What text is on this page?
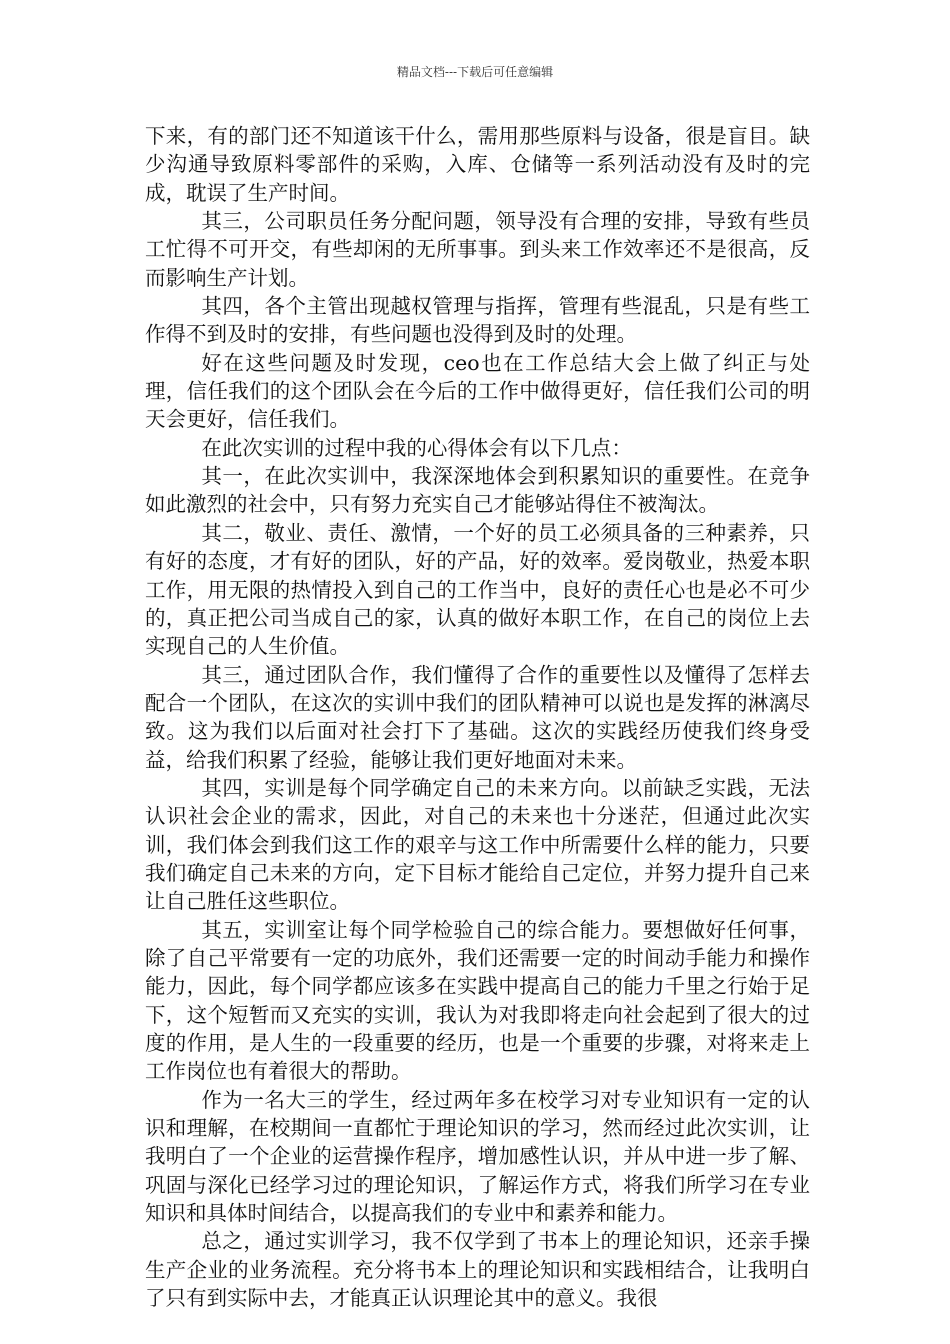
精品文档---下载后可任意编辑

下来，有的部门还不知道该干什么，需用那些原料与设备，很是盲目。缺少沟通导致原料零部件的采购，入库、仓储等一系列活动没有及时的完成，耽误了生产时间。

其三，公司职员任务分配问题，领导没有合理的安排，导致有些员工忙得不可开交，有些却闲的无所事事。到头来工作效率还不是很高，反而影响生产计划。

其四，各个主管出现越权管理与指挥，管理有些混乱，只是有些工作得不到及时的安排，有些问题也没得到及时的处理。

好在这些问题及时发现，ceo也在工作总结大会上做了纠正与处理，信任我们的这个团队会在今后的工作中做得更好，信任我们公司的明天会更好，信任我们。

在此次实训的过程中我的心得体会有以下几点：

其一，在此次实训中，我深深地体会到积累知识的重要性。在竞争如此激烈的社会中，只有努力充实自己才能够站得住不被淘汰。

其二，敬业、责任、激情，一个好的员工必须具备的三种素养，只有好的态度，才有好的团队，好的产品，好的效率。爱岗敬业，热爱本职工作，用无限的热情投入到自己的工作当中，良好的责任心也是必不可少的，真正把公司当成自己的家，认真的做好本职工作，在自己的岗位上去实现自己的人生价值。

其三，通过团队合作，我们懂得了合作的重要性以及懂得了怎样去配合一个团队，在这次的实训中我们的团队精神可以说也是发挥的淋漓尽致。这为我们以后面对社会打下了基础。这次的实践经历使我们终身受益，给我们积累了经验，能够让我们更好地面对未来。

其四，实训是每个同学确定自己的未来方向。以前缺乏实践，无法认识社会企业的需求，因此，对自己的未来也十分迷茫，但通过此次实训，我们体会到我们这工作的艰辛与这工作中所需要什么样的能力，只要我们确定自己未来的方向，定下目标才能给自己定位，并努力提升自己来让自己胜任这些职位。

其五，实训室让每个同学检验自己的综合能力。要想做好任何事，除了自己平常要有一定的功底外，我们还需要一定的时间动手能力和操作能力，因此，每个同学都应该多在实践中提高自己的能力千里之行始于足下，这个短暂而又充实的实训，我认为对我即将走向社会起到了很大的过度的作用，是人生的一段重要的经历，也是一个重要的步骤，对将来走上工作岗位也有着很大的帮助。

作为一名大三的学生，经过两年多在校学习对专业知识有一定的认识和理解，在校期间一直都忙于理论知识的学习，然而经过此次实训，让我明白了一个企业的运营操作程序，增加感性认识，并从中进一步了解、巩固与深化已经学习过的理论知识，了解运作方式，将我们所学习在专业知识和具体时间结合，以提高我们的专业中和素养和能力。

总之，通过实训学习，我不仅学到了书本上的理论知识，还亲手操生产企业的业务流程。充分将书本上的理论知识和实践相结合，让我明白了只有到实际中去，才能真正认识理论其中的意义。我很
